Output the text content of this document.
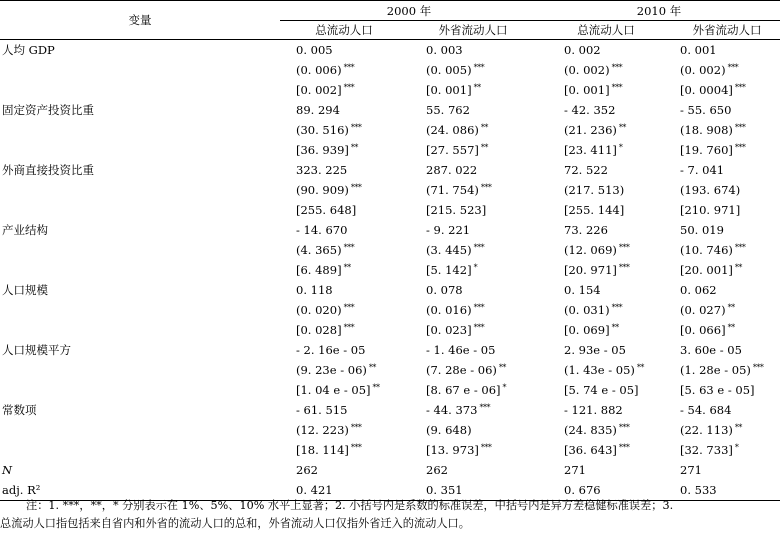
变量	2000 年		2010 年	
	总流动人口	外省流动人口	总流动人口	外省流动人口
人均 GDP	0. 005	0. 003	0. 002	0. 001
	(0. 006) ***	(0. 005) ***	(0. 002) ***	(0. 002) ***
	[0. 002] ***	[0. 001] **	[0. 001] ***	[0. 0004] ***
固定资产投资比重	89. 294	55. 762	- 42. 352	- 55. 650
	(30. 516) ***	(24. 086) **	(21. 236) **	(18. 908) ***
	[36. 939] **	[27. 557] **	[23. 411] *	[19. 760] ***
外商直接投资比重	323. 225	287. 022	72. 522	- 7. 041
	(90. 909) ***	(71. 754) ***	(217. 513)	(193. 674)
	[255. 648]	[215. 523]	[255. 144]	[210. 971]
产业结构	- 14. 670	- 9. 221	73. 226	50. 019
	(4. 365) ***	(3. 445) ***	(12. 069) ***	(10. 746) ***
	[6. 489] **	[5. 142] *	[20. 971] ***	[20. 001] **
人口规模	0. 118	0. 078	0. 154	0. 062
	(0. 020) ***	(0. 016) ***	(0. 031) ***	(0. 027) **
	[0. 028] ***	[0. 023] ***	[0. 069] **	[0. 066] **
人口规模平方	- 2. 16e - 05	- 1. 46e - 05	2. 93e - 05	3. 60e - 05
	(9. 23e - 06) **	(7. 28e - 06) **	(1. 43e - 05) **	(1. 28e - 05) ***
	[1. 04 e - 05] **	[8. 67 e - 06] *	[5. 74 e - 05]	[5. 63 e - 05]
常数项	- 61. 515	- 44. 373 ***	- 121. 882	- 54. 684
	(12. 223) ***	(9. 648)	(24. 835) ***	(22. 113) **
	[18. 114] ***	[13. 973] ***	[36. 643] ***	[32. 733] *
N	262	262	271	271
adj. R²	0. 421	0. 351	0. 676	0. 533

注：1. ***，**，* 分别表示在 1%、5%、10% 水平上显著；2. 小括号内是系数的标准误差，中括号内是异方差稳健标准误差；3.

总流动人口指包括来自省内和外省的流动人口的总和，外省流动人口仅指外省迁入的流动人口。
